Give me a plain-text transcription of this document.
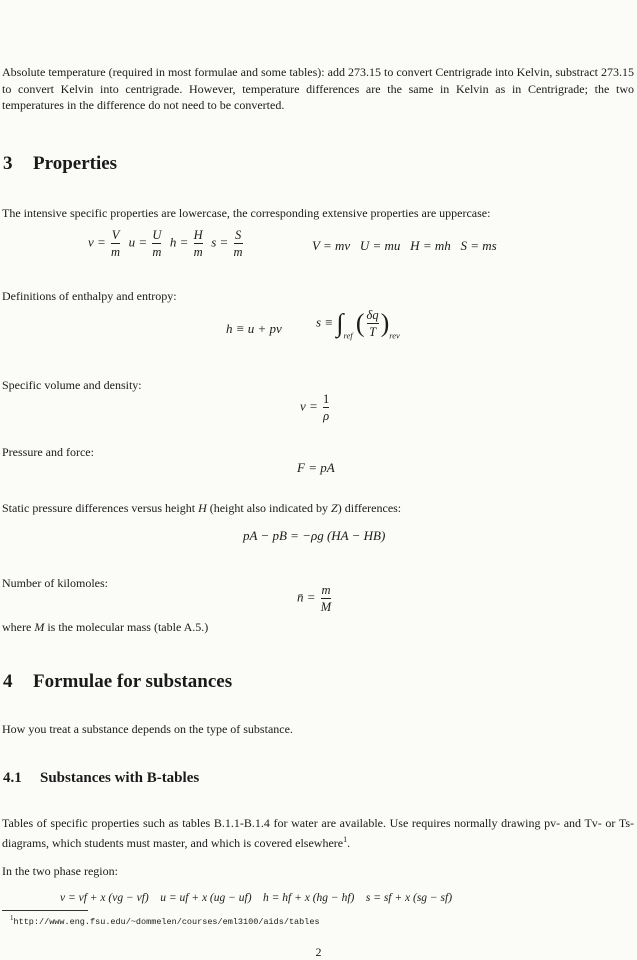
Absolute temperature (required in most formulae and some tables): add 273.15 to convert Centrigrade into Kelvin, substract 273.15 to convert Kelvin into centrigrade. However, temperature differences are the same in Kelvin as in Centrigrade; the two temperatures in the difference do not need to be converted.
3 Properties
The intensive specific properties are lowercase, the corresponding extensive properties are uppercase:
$v = \frac{V}{m}$ $u = \frac{U}{m}$ $h = \frac{H}{m}$ $s = \frac{S}{m}$	V = mv   U = mu   H = mh   S = ms
Definitions of enthalpy and entropy:
h ≡ u + pv	$s \equiv \int_{ref}$ ( $\frac{\delta q}{T} )_{rev}$
Specific volume and density:
$v = \frac{1}{\rho}$
Pressure and force:
F = pA
Static pressure differences versus height H (height also indicated by Z) differences:
pA − pB = −ρg (HA − HB)
Number of kilomoles:
n̄ = $\frac{m}{M}$
where M is the molecular mass (table A.5.)
4 Formulae for substances
How you treat a substance depends on the type of substance.
4.1 Substances with B-tables
Tables of specific properties such as tables B.1.1-B.1.4 for water are available. Use requires normally drawing pv- and Tv- or Ts-diagrams, which students must master, and which is covered elsewhere$^1$.
In the two phase region:
v = vf + x (vg − vf)    u = uf + x (ug − uf)    h = hf + x (hg − hf)    s = sf + x (sg − sf)
$^1$http://www.eng.fsu.edu/~dommelen/courses/eml3100/aids/tables
2
